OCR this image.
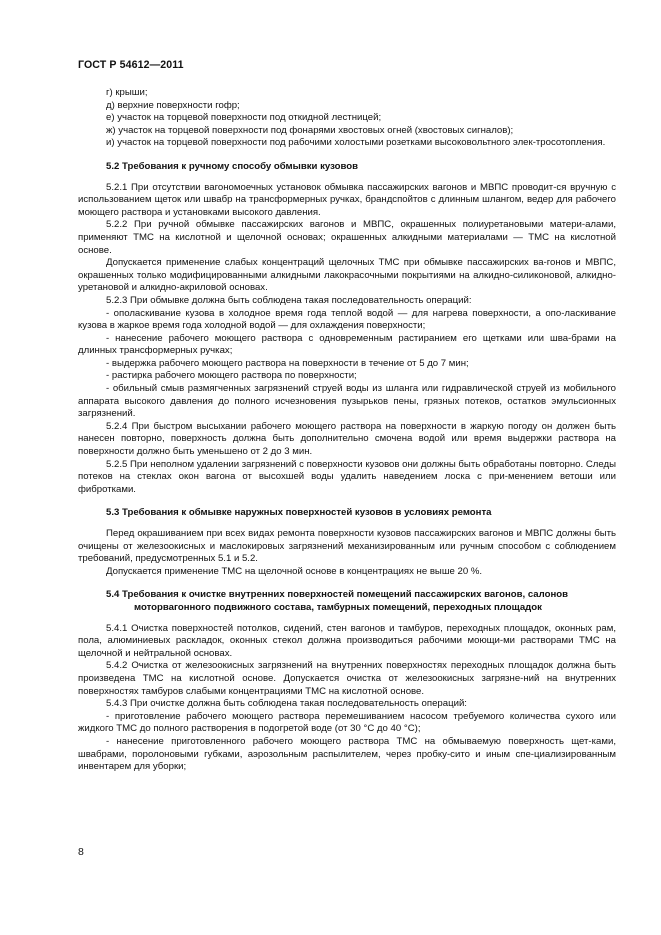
ГОСТ Р 54612—2011

г) крыши;

д) верхние поверхности гофр;

е) участок на торцевой поверхности под откидной лестницей;

ж) участок на торцевой поверхности под фонарями хвостовых огней (хвостовых сигналов);

и) участок на торцевой поверхности под рабочими холостыми розетками высоковольтного элек-тросотопления.

5.2 Требования к ручному способу обмывки кузовов

5.2.1 При отсутствии вагономоечных установок обмывка пассажирских вагонов и МВПС проводит-ся вручную с использованием щеток или швабр на трансформерных ручках, брандспойтов с длинным шлангом, ведер для рабочего моющего раствора и установками высокого давления.

5.2.2 При ручной обмывке пассажирских вагонов и МВПС, окрашенных полиуретановыми матери-алами, применяют ТМС на кислотной и щелочной основах; окрашенных алкидными материалами — ТМС на кислотной основе.

Допускается применение слабых концентраций щелочных ТМС при обмывке пассажирских ва-гонов и МВПС, окрашенных только модифицированными алкидными лакокрасочными покрытиями на алкидно-силиконовой, алкидно-уретановой и алкидно-акриловой основах.

5.2.3 При обмывке должна быть соблюдена такая последовательность операций:

- ополаскивание кузова в холодное время года теплой водой — для нагрева поверхности, а опо-ласкивание кузова в жаркое время года холодной водой — для охлаждения поверхности;

- нанесение рабочего моющего раствора с одновременным растиранием его щетками или шва-брами на длинных трансформерных ручках;

- выдержка рабочего моющего раствора на поверхности в течение от 5 до 7 мин;

- растирка рабочего моющего раствора по поверхности;

- обильный смыв размягченных загрязнений струей воды из шланга или гидравлической струей из мобильного аппарата высокого давления до полного исчезновения пузырьков пены, грязных потеков, остатков эмульсионных загрязнений.

5.2.4 При быстром высыхании рабочего моющего раствора на поверхности в жаркую погоду он должен быть нанесен повторно, поверхность должна быть дополнительно смочена водой или время выдержки раствора на поверхности должно быть уменьшено от 2 до 3 мин.

5.2.5 При неполном удалении загрязнений с поверхности кузовов они должны быть обработаны повторно. Следы потеков на стеклах окон вагона от высохшей воды удалить наведением лоска с при-менением ветоши или фибротками.

5.3 Требования к обмывке наружных поверхностей кузовов в условиях ремонта

Перед окрашиванием при всех видах ремонта поверхности кузовов пассажирских вагонов и МВПС должны быть очищены от железоокисных и маслокировых загрязнений механизированным или ручным способом с соблюдением требований, предусмотренных 5.1 и 5.2.

Допускается применение ТМС на щелочной основе в концентрациях не выше 20 %.

5.4 Требования к очистке внутренних поверхностей помещений пассажирских вагонов, салонов моторвагонного подвижного состава, тамбурных помещений, переходных площадок

5.4.1 Очистка поверхностей потолков, сидений, стен вагонов и тамбуров, переходных площадок, оконных рам, пола, алюминиевых раскладок, оконных стекол должна производиться рабочими моющи-ми растворами ТМС на щелочной и нейтральной основах.

5.4.2 Очистка от железоокисных загрязнений на внутренних поверхностях переходных площадок должна быть произведена ТМС на кислотной основе. Допускается очистка от железоокисных загрязне-ний на внутренних поверхностях тамбуров слабыми концентрациями ТМС на кислотной основе.

5.4.3 При очистке должна быть соблюдена такая последовательность операций:

- приготовление рабочего моющего раствора перемешиванием насосом требуемого количества сухого или жидкого ТМС до полного растворения в подогретой воде (от 30 °С до 40 °С);

- нанесение приготовленного рабочего моющего раствора ТМС на обмываемую поверхность щет-ками, швабрами, поролоновыми губками, аэрозольным распылителем, через пробку-сито и иным спе-циализированным инвентарем для уборки;

8
